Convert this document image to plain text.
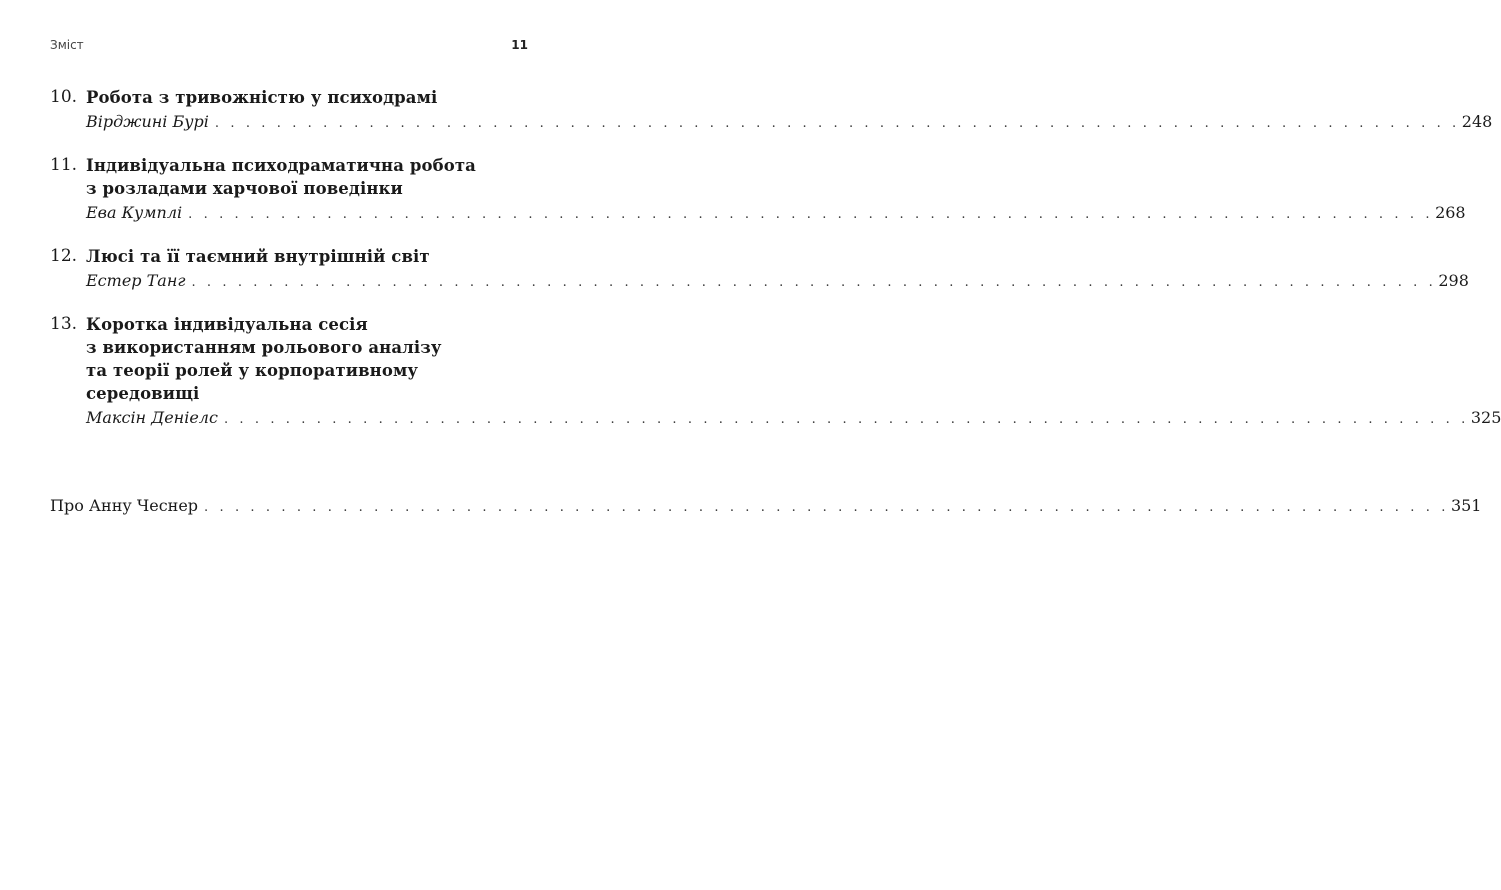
Зміст	11
10. Робота з тривожністю у психодрамі
Вірджині Бурі . . .	248
11. Індивідуальна психодраматична робота
з розладами харчової поведінки
Ева Кумплі . . .	268
12. Люсі та її таємний внутрішній світ
Естер Танг . . .	298
13. Коротка індивідуальна сесія
з використанням рольового аналізу
та теорії ролей у корпоративному
середовищі
Максін Деніелс . . .	325
Про Анну Чеснер . . .	351
